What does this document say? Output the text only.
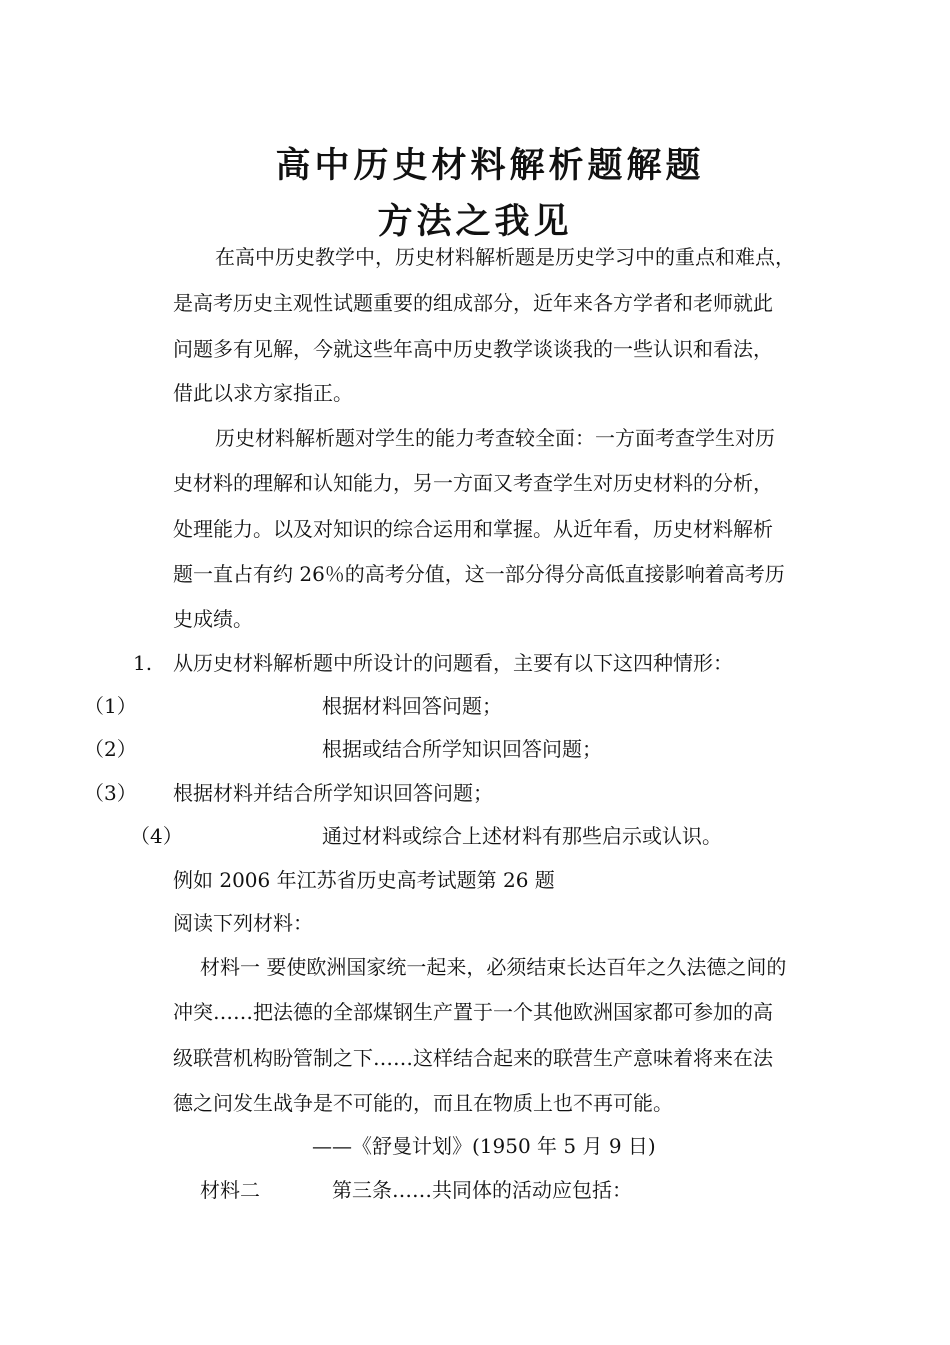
高中历史材料解析题解题
方法之我见
在高中历史教学中，历史材料解析题是历史学习中的重点和难点，
是高考历史主观性试题重要的组成部分，近年来各方学者和老师就此
问题多有见解，今就这些年高中历史教学谈谈我的一些认识和看法，
借此以求方家指正。
历史材料解析题对学生的能力考查较全面：一方面考查学生对历
史材料的理解和认知能力，另一方面又考查学生对历史材料的分析，
处理能力。以及对知识的综合运用和掌握。从近年看，历史材料解析
题一直占有约 26％的高考分值，这一部分得分高低直接影响着高考历
史成绩。
1. 从历史材料解析题中所设计的问题看，主要有以下这四种情形：
（1）	根据材料回答问题；
（2）	根据或结合所学知识回答问题；
（3） 根据材料并结合所学知识回答问题；
（4）	通过材料或综合上述材料有那些启示或认识。
例如 2006 年江苏省历史高考试题第 26 题
阅读下列材料：
材料一 要使欧洲国家统一起来，必须结束长达百年之久法德之间的
冲突……把法德的全部煤钢生产置于一个其他欧洲国家都可参加的高
级联营机构盼管制之下……这样结合起来的联营生产意味着将来在法
德之问发生战争是不可能的，而且在物质上也不再可能。
——《舒曼计划》(1950 年 5 月 9 日)
材料二	第三条……共同体的活动应包括：
